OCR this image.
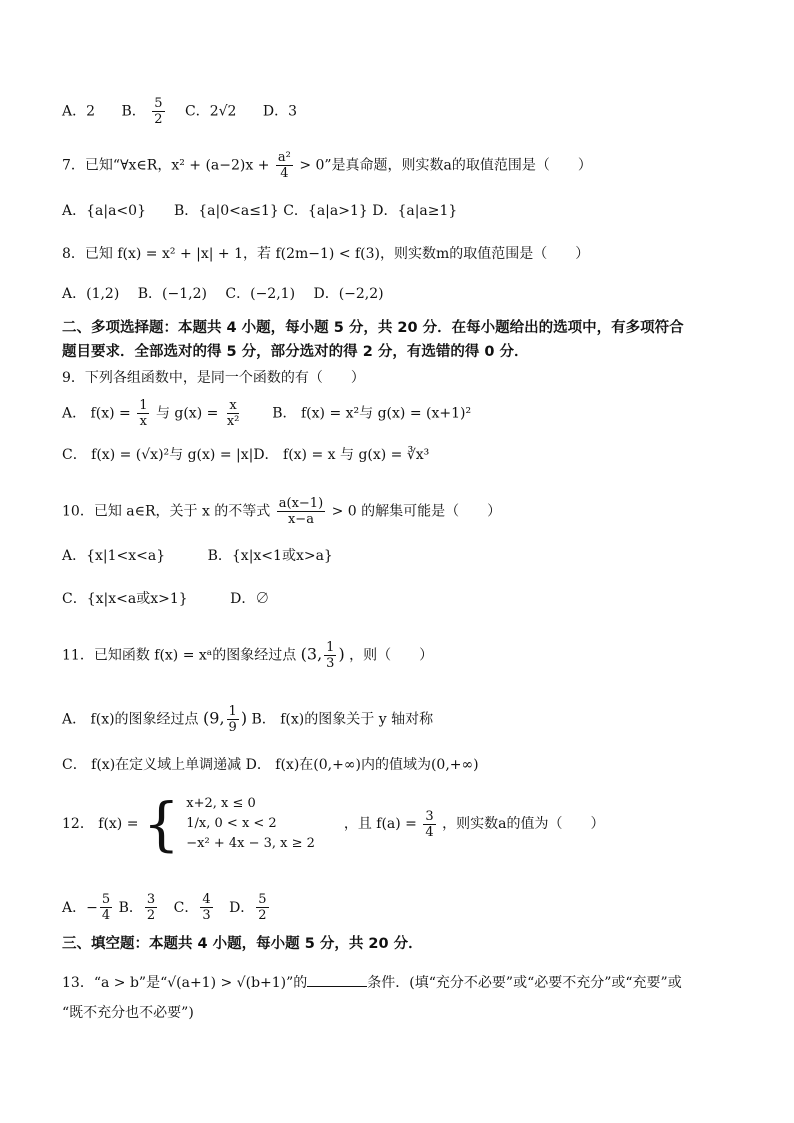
A．2 B． $\frac{5}{2}$ C．2√2 D．3
7．已知“∀x∈R，$x^2 + (a-2)x + \frac{\text{a²}}{4} > 0$”是真命题，则实数a的取值范围是（　　）
A．{a|a<0}　　B．{a|0<a≤1} C．{a|a>1} D．{a|a≥1}
8．已知 f(x) = x² + |x| + 1，若 f(2m−1) < f(3)，则实数m的取值范围是（　　）
A．(1,2)　 B．(−1,2)　 C．(−2,1)　 D．(−2,2)
二、多项选择题：本题共 4 小题，每小题 5 分，共 20 分．在每小题给出的选项中，有多项符合
题目要求．全部选对的得 5 分，部分选对的得 2 分，有选错的得 0 分．
9．下列各组函数中，是同一个函数的有（　　）
A． $f(x) = \frac{1}{x}$ 与 $g(x) = \frac{x}{\text{x²}}$ B． f(x) = x²与 g(x) = (x+1)²
C． f(x) = (√x)²与 g(x) = |x|D． f(x) = x 与 g(x) = ∛x³
10．已知 a∈R，关于 x 的不等式 $\frac{a(x-1)}{x-a} > 0$ 的解集可能是（　　）
A．{x|1<x<a}	B．{x|x<1或x>a}
C．{x|x<a或x>1}	D．∅
11．已知函数 f(x) = xᵃ的图象经过点 (3, $\frac{1}{3}$ ) ，则（　　）
A． f(x)的图象经过点 (9, $\frac{1}{9}$ ) B． f(x)的图象关于 y 轴对称
C． f(x)在定义域上单调递减 D． f(x)在(0,+∞)内的值域为(0,+∞)
12． f(x) = { x+2, x ≤ 0
1/x, 0 < x < 2
−x² + 4x − 3, x ≥ 2
，且 $f(a) = \frac{3}{4}$ ，则实数a的值为（　　）
A．− $\frac{5}{4}$ B． $\frac{3}{2}$ C． $\frac{4}{3}$ D． $\frac{5}{2}$
三、填空题：本题共 4 小题，每小题 5 分，共 20 分．
13．“a > b”是“√(a+1) > √(b+1)”的	条件．(填“充分不必要”或“必要不充分”或“充要”或
“既不充分也不必要”)
